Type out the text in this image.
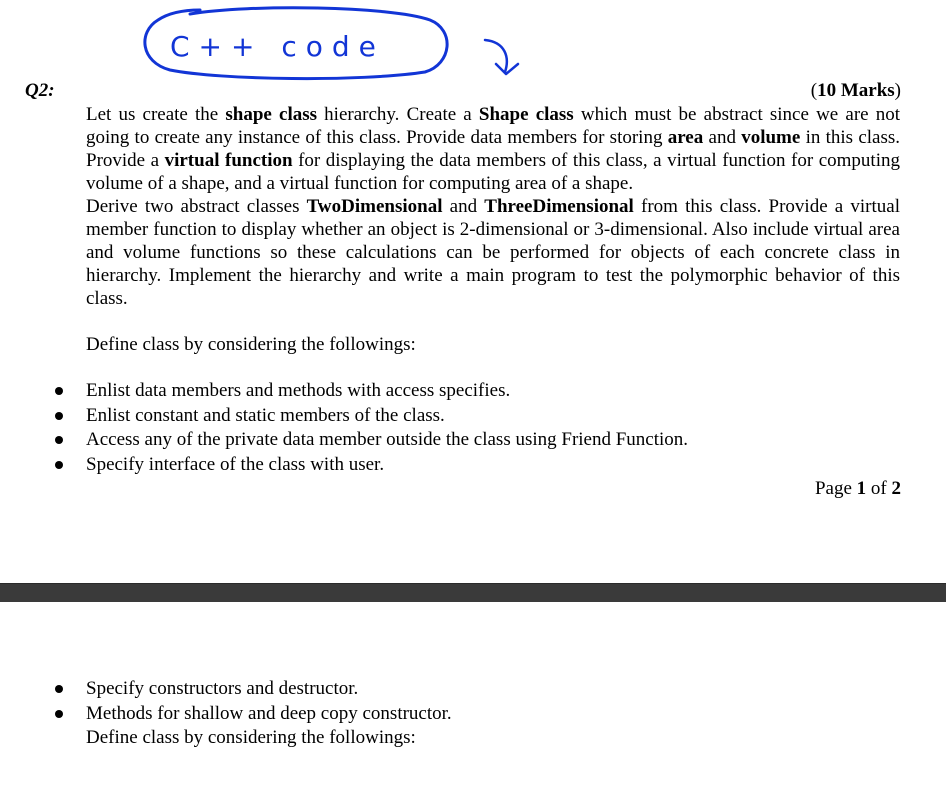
C++ code
Q2:	(10 Marks)

Let us create the shape class hierarchy. Create a Shape class which must be abstract since we are not going to create any instance of this class. Provide data members for storing area and volume in this class. Provide a virtual function for displaying the data members of this class, a virtual function for computing volume of a shape, and a virtual function for computing area of a shape.

Derive two abstract classes TwoDimensional and ThreeDimensional from this class. Provide a virtual member function to display whether an object is 2-dimensional or 3-dimensional. Also include virtual area and volume functions so these calculations can be performed for objects of each concrete class in hierarchy. Implement the hierarchy and write a main program to test the polymorphic behavior of this class.

Define class by considering the followings:
Enlist data members and methods with access specifies.
Enlist constant and static members of the class.
Access any of the private data member outside the class using Friend Function.
Specify interface of the class with user.
Page 1 of 2
Specify constructors and destructor.
Methods for shallow and deep copy constructor.
Define class by considering the followings:
